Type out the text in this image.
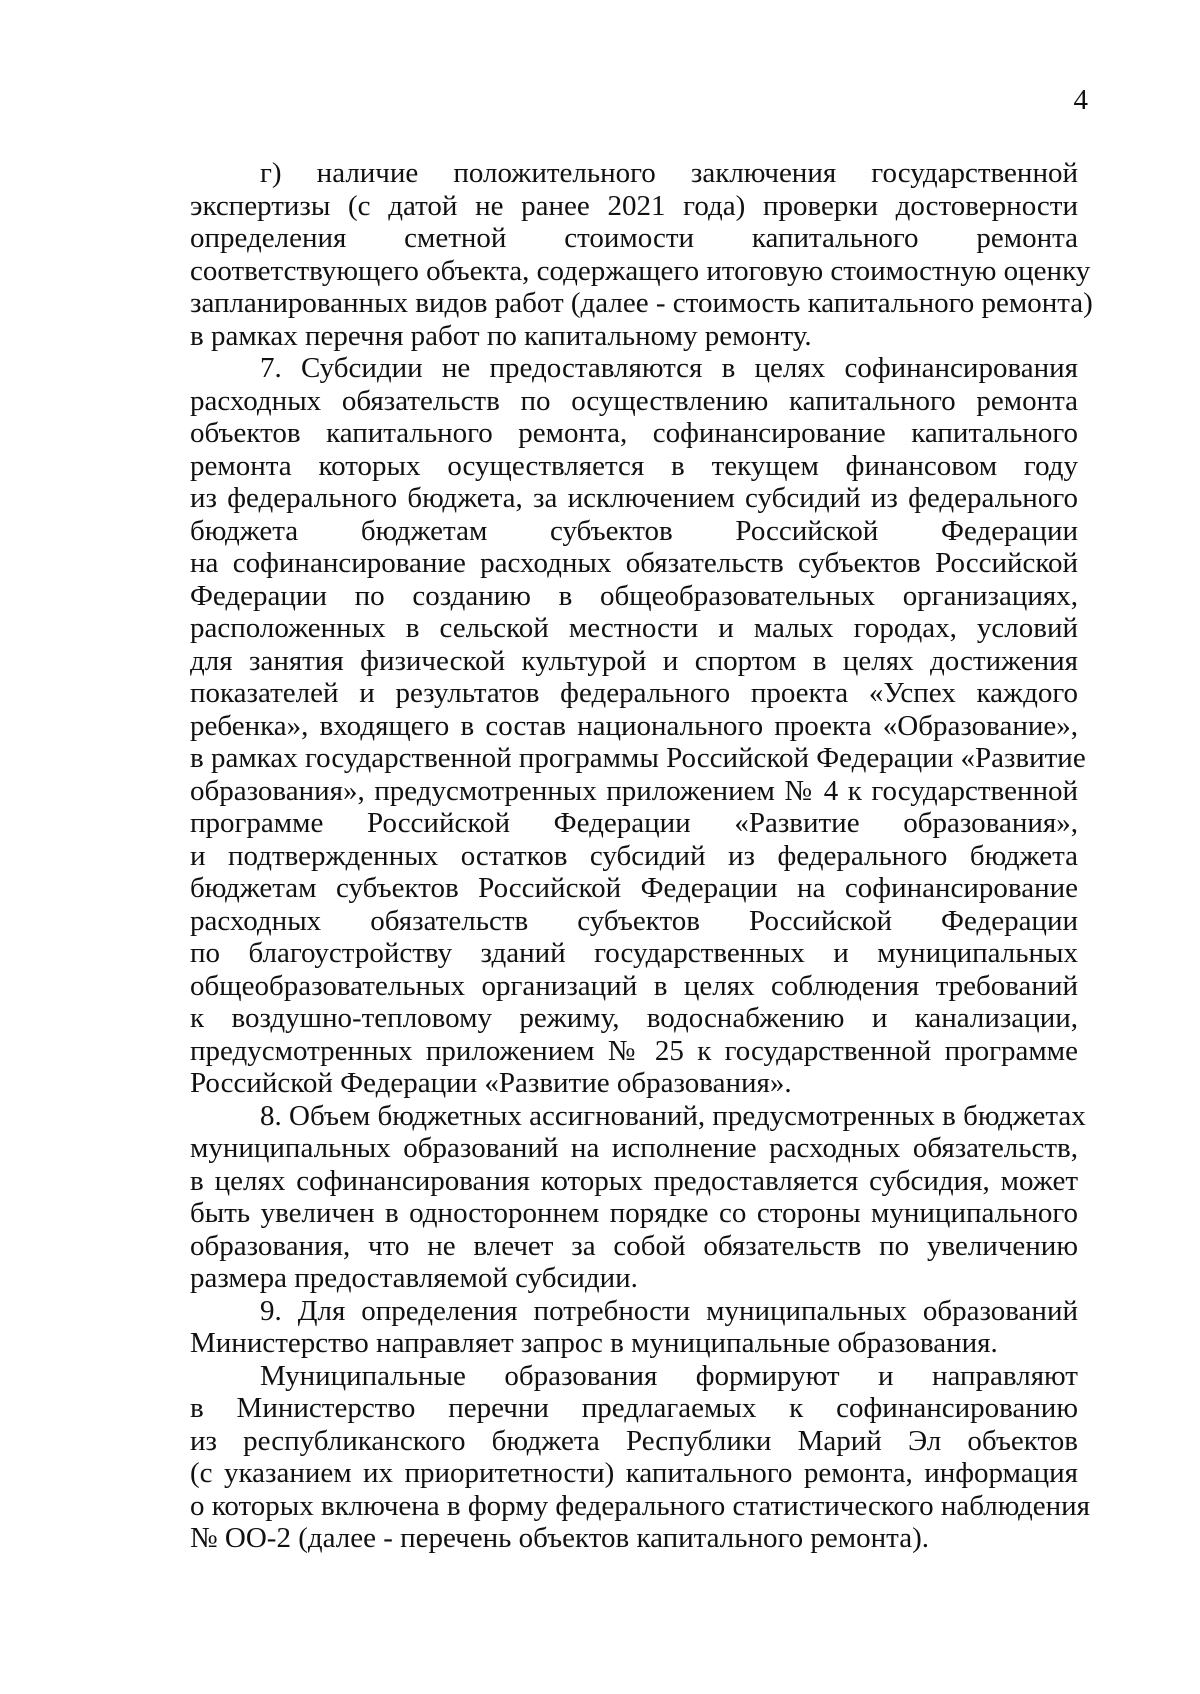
4
г) наличие положительного заключения государственной
экспертизы (с датой не ранее 2021 года) проверки достоверности
определения сметной стоимости капитального ремонта
соответствующего объекта, содержащего итоговую стоимостную оценку
запланированных видов работ (далее - стоимость капитального ремонта)
в рамках перечня работ по капитальному ремонту.
7. Субсидии не предоставляются в целях софинансирования
расходных обязательств по осуществлению капитального ремонта
объектов капитального ремонта, софинансирование капитального
ремонта которых осуществляется в текущем финансовом году
из федерального бюджета, за исключением субсидий из федерального
бюджета бюджетам субъектов Российской Федерации
на софинансирование расходных обязательств субъектов Российской
Федерации по созданию в общеобразовательных организациях,
расположенных в сельской местности и малых городах, условий
для занятия физической культурой и спортом в целях достижения
показателей и результатов федерального проекта «Успех каждого
ребенка», входящего в состав национального проекта «Образование»,
в рамках государственной программы Российской Федерации «Развитие
образования», предусмотренных приложением № 4 к государственной
программе Российской Федерации «Развитие образования»,
и подтвержденных остатков субсидий из федерального бюджета
бюджетам субъектов Российской Федерации на софинансирование
расходных обязательств субъектов Российской Федерации
по благоустройству зданий государственных и муниципальных
общеобразовательных организаций в целях соблюдения требований
к воздушно-тепловому режиму, водоснабжению и канализации,
предусмотренных приложением № 25 к государственной программе
Российской Федерации «Развитие образования».
8. Объем бюджетных ассигнований, предусмотренных в бюджетах
муниципальных образований на исполнение расходных обязательств,
в целях софинансирования которых предоставляется субсидия, может
быть увеличен в одностороннем порядке со стороны муниципального
образования, что не влечет за собой обязательств по увеличению
размера предоставляемой субсидии.
9. Для определения потребности муниципальных образований
Министерство направляет запрос в муниципальные образования.
Муниципальные образования формируют и направляют
в Министерство перечни предлагаемых к софинансированию
из республиканского бюджета Республики Марий Эл объектов
(с указанием их приоритетности) капитального ремонта, информация
о которых включена в форму федерального статистического наблюдения
№ ОО-2 (далее - перечень объектов капитального ремонта).
